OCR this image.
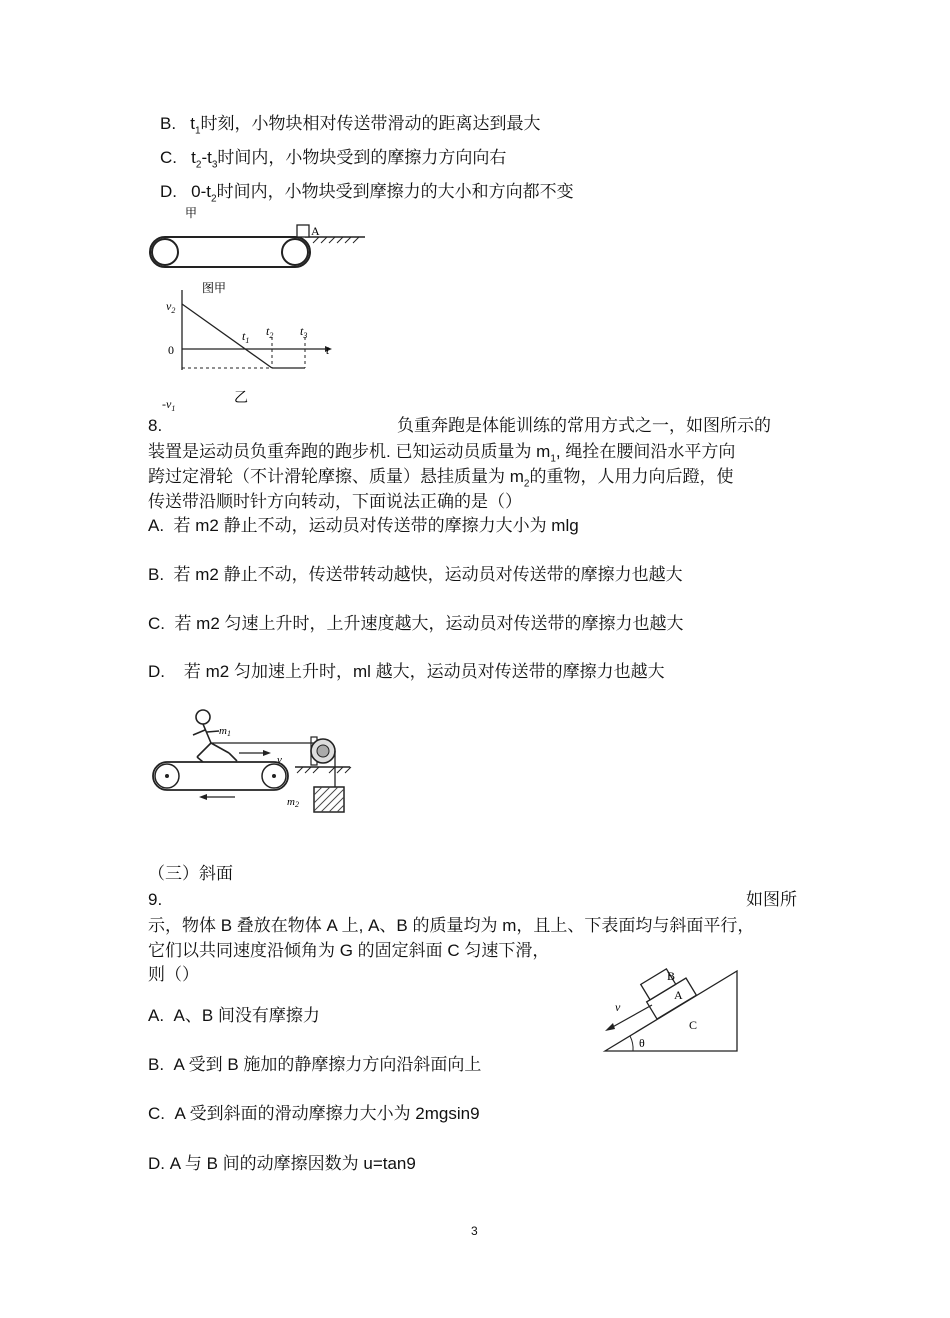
B. $t_1$时刻，小物块相对传送带滑动的距离达到最大
C. $t_2-t_3$时间内，小物块受到的摩擦力方向向右
D. $0-t_2$时间内，小物块受到摩擦力的大小和方向都不变
甲
A
图甲
$v_2$
0
$-v_1$
$t_1$
$t_2$ $t_3$
t
乙
8.	负重奔跑是体能训练的常用方式之一，如图所示的
装置是运动员负重奔跑的跑步机. 已知运动员质量为 $m_1$, 绳拴在腰间沿水平方向
跨过定滑轮（不计滑轮摩擦、质量）悬挂质量为 $m_2$的重物，人用力向后蹬，使
传送带沿顺时针方向转动，下面说法正确的是（）
A. 若 m2 静止不动，运动员对传送带的摩擦力大小为 mlg
B. 若 m2 静止不动，传送带转动越快，运动员对传送带的摩擦力也越大
C. 若 m2 匀速上升时，上升速度越大，运动员对传送带的摩擦力也越大
D. 若 m2 匀加速上升时，ml 越大，运动员对传送带的摩擦力也越大
m1
v
m2
（三）斜面
9.	如图所
示，物体 B 叠放在物体 A 上, A、B 的质量均为 m，且上、下表面均与斜面平行，
它们以共同速度沿倾角为 G 的固定斜面 C 匀速下滑，
则（）
A. A、B 间没有摩擦力
B. A 受到 B 施加的静摩擦力方向沿斜面向上
C. A 受到斜面的滑动摩擦力大小为 2mgsin9
D. A 与 B 间的动摩擦因数为 u=tan9
A
B
C
v
θ
3
